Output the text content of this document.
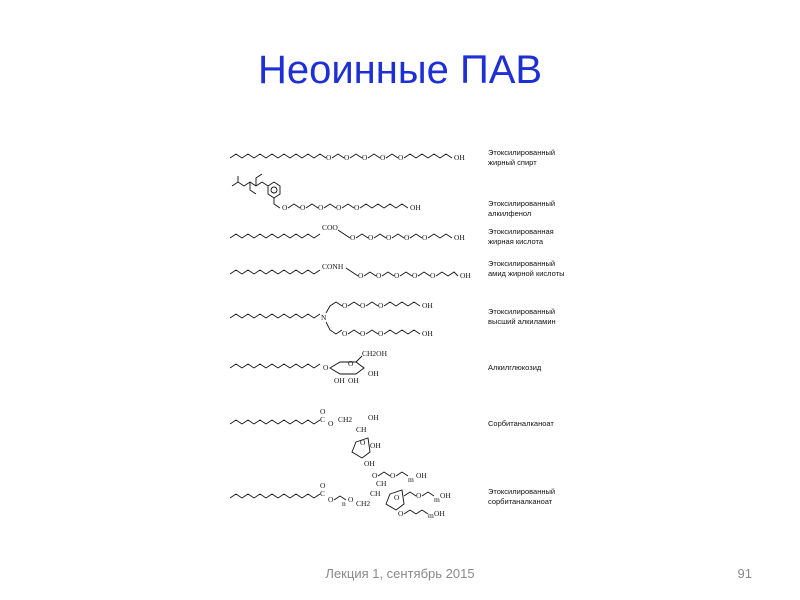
Неоинные ПАВ
O O O O O	OH
Этоксилированный
жирный спирт
O O O O O	OH	Этоксилированный
алкилфенол
COO
O O O O O	OH
Этоксилированная
жирная кислота
CONH
O O O O O	OH
Этоксилированный
амид жирной кислоты
N
O O O	OH
O O O	OH
Этоксилированный
высший алкиламин
O	O
CH2OH
OH OH
OH
Алкилглюкозид
O
C O CH2
CH
OH
O OH
OH
Сорбитаналканоат
O
C
O n O CH2
CH
CH
O O m OH
O O m OH
O	m OH
Этоксилированный
сорбитаналканоат
Лекция 1, сентябрь 2015	91
